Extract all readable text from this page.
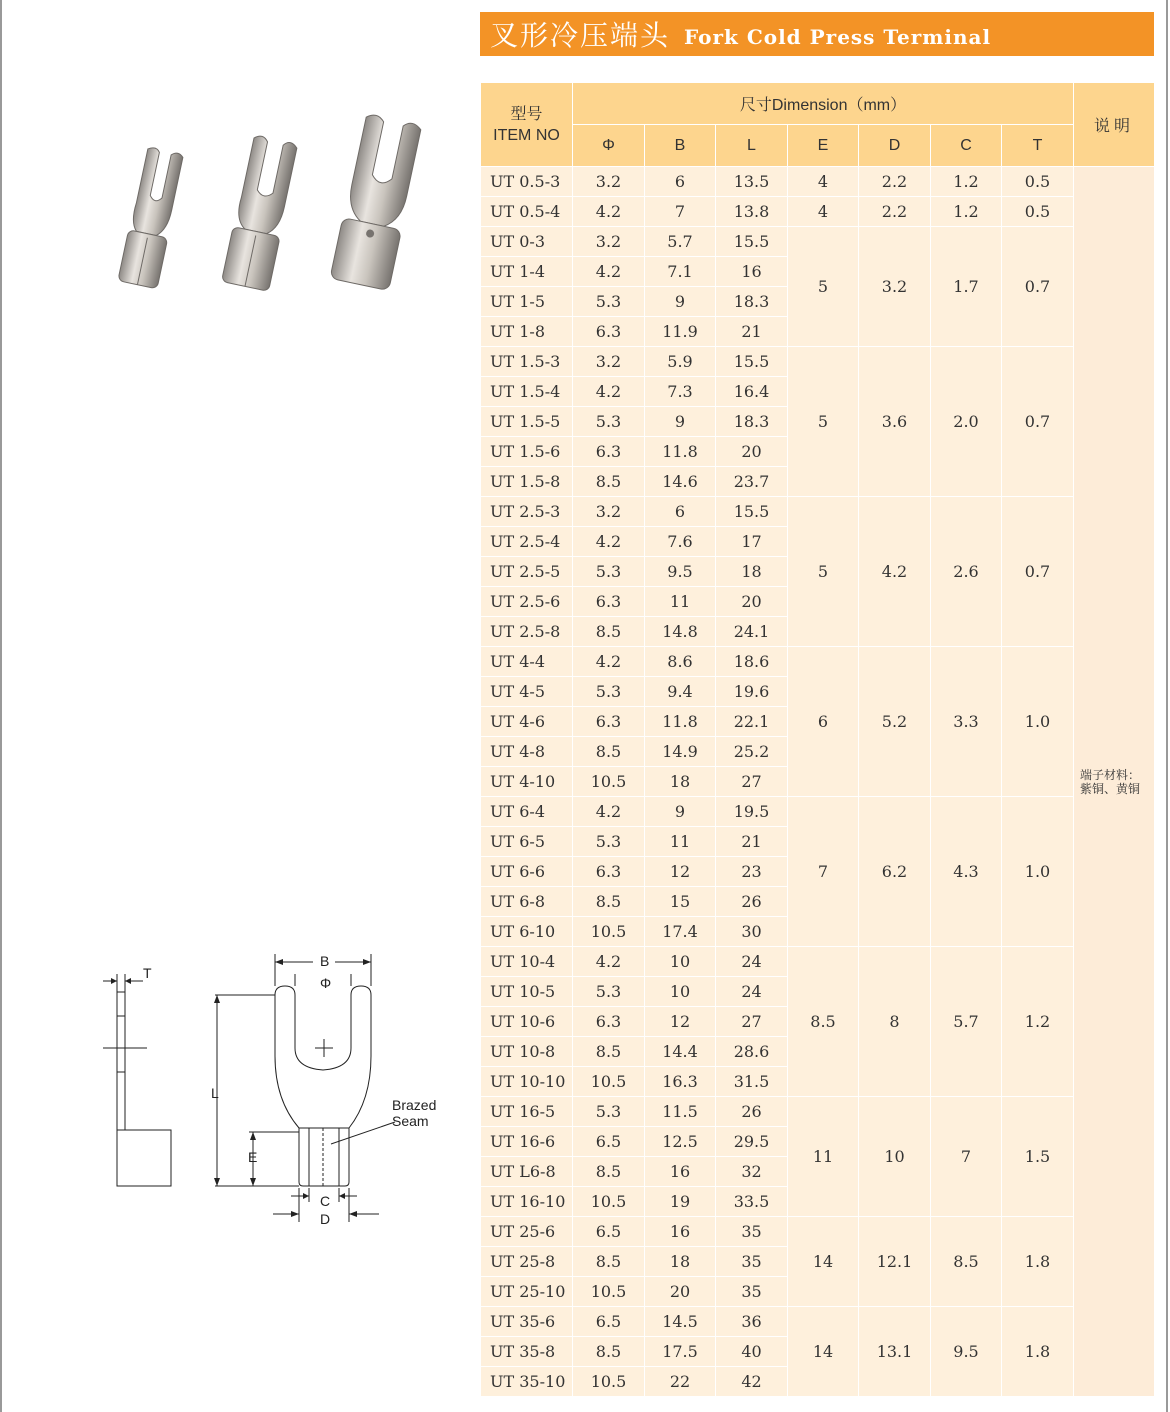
叉形冷压端头 Fork Cold Press Terminal
T
B
Φ
L
E
C
D
Brazed
Seam
型号
ITEM NO	尺寸Dimension（mm）							说明
	Φ	B	L	E	D	C	T	
UT 0.5-3	3.2	6	13.5	4	2.2	1.2	0.5	端子材料：
紫铜、黄铜

UT 0.5-4	4.2	7	13.8	4	2.2	1.2	0.5	
UT 0-3	3.2	5.7	15.5	5	3.2	1.7	0.7	
UT 1-4	4.2	7.1	16					
UT 1-5	5.3	9	18.3					
UT 1-8	6.3	11.9	21					
UT 1.5-3	3.2	5.9	15.5	5	3.6	2.0	0.7	
UT 1.5-4	4.2	7.3	16.4					
UT 1.5-5	5.3	9	18.3					
UT 1.5-6	6.3	11.8	20					
UT 1.5-8	8.5	14.6	23.7					
UT 2.5-3	3.2	6	15.5	5	4.2	2.6	0.7	
UT 2.5-4	4.2	7.6	17					
UT 2.5-5	5.3	9.5	18					
UT 2.5-6	6.3	11	20					
UT 2.5-8	8.5	14.8	24.1					
UT 4-4	4.2	8.6	18.6	6	5.2	3.3	1.0	
UT 4-5	5.3	9.4	19.6					
UT 4-6	6.3	11.8	22.1					
UT 4-8	8.5	14.9	25.2					
UT 4-10	10.5	18	27					
UT 6-4	4.2	9	19.5	7	6.2	4.3	1.0	
UT 6-5	5.3	11	21					
UT 6-6	6.3	12	23					
UT 6-8	8.5	15	26					
UT 6-10	10.5	17.4	30					
UT 10-4	4.2	10	24	8.5	8	5.7	1.2	
UT 10-5	5.3	10	24					
UT 10-6	6.3	12	27					
UT 10-8	8.5	14.4	28.6					
UT 10-10	10.5	16.3	31.5					
UT 16-5	5.3	11.5	26	11	10	7	1.5	
UT 16-6	6.5	12.5	29.5					
UT L6-8	8.5	16	32					
UT 16-10	10.5	19	33.5					
UT 25-6	6.5	16	35	14	12.1	8.5	1.8	
UT 25-8	8.5	18	35					
UT 25-10	10.5	20	35					
UT 35-6	6.5	14.5	36	14	13.1	9.5	1.8	
UT 35-8	8.5	17.5	40					
UT 35-10	10.5	22	42					
